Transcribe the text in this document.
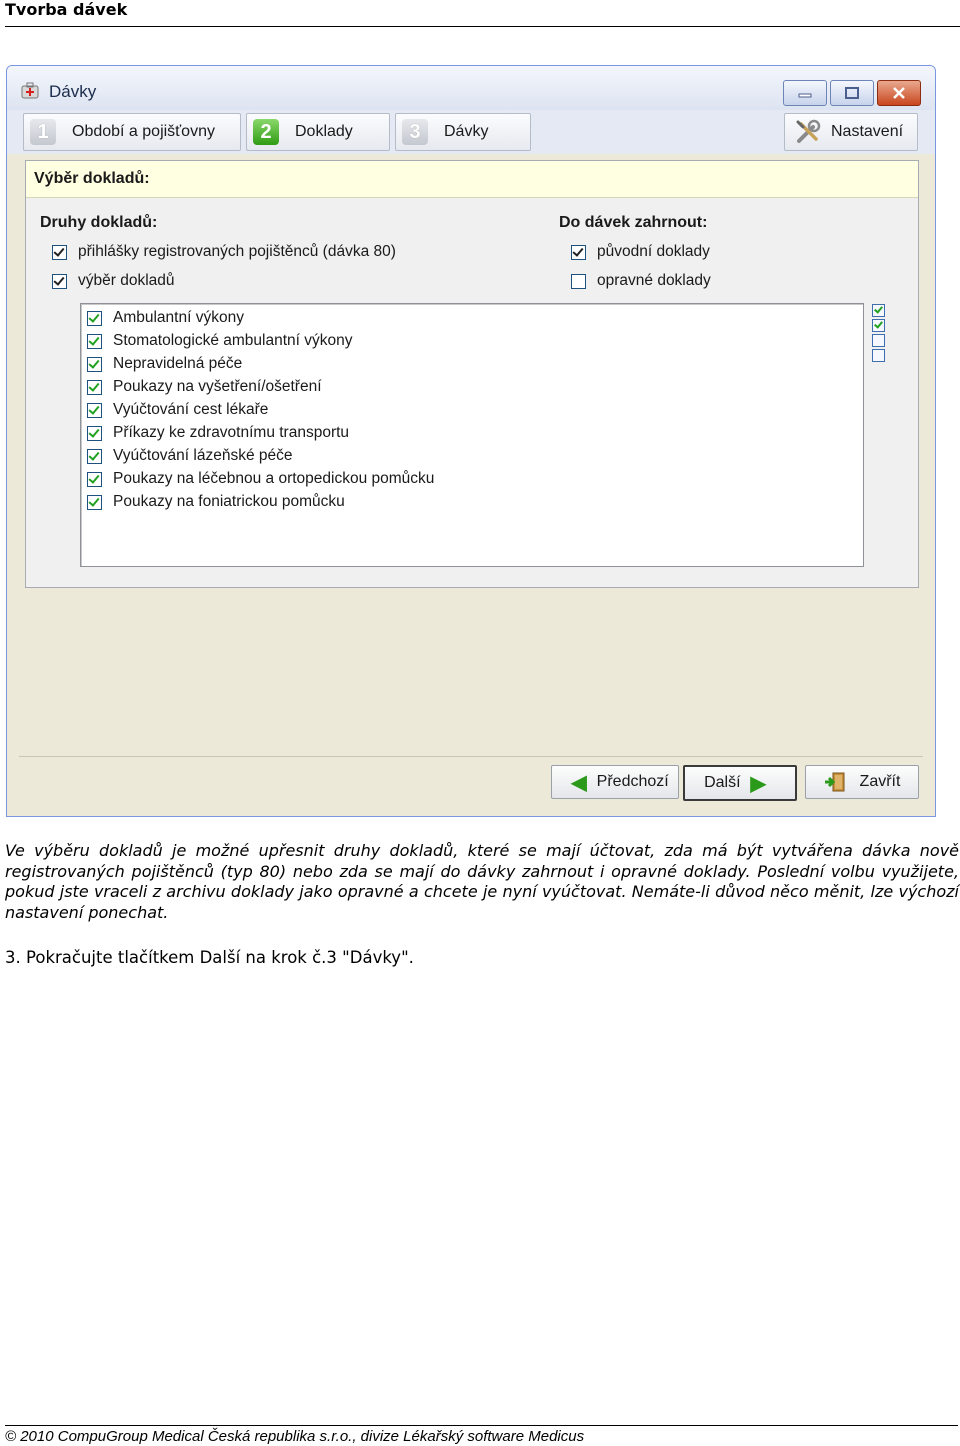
Tvorba dávek
Dávky
1	Období a pojišťovny	2	Doklady	3	Dávky	Nastavení
Výběr dokladů:
Druhy dokladů:
přihlášky registrovaných pojištěnců (dávka 80)
výběr dokladů
Do dávek zahrnout:
původní doklady
opravné doklady
Ambulantní výkony
Stomatologické ambulantní výkony
Nepravidelná péče
Poukazy na vyšetření/ošetření
Vyúčtování cest lékaře
Příkazy ke zdravotnímu transportu
Vyúčtování lázeňské péče
Poukazy na léčebnou a ortopedickou pomůcku
Poukazy na foniatrickou pomůcku
◀ Předchozí Další ▶	Zavřít
Ve výběru dokladů je možné upřesnit druhy dokladů, které se mají účtovat, zda má být vytvářena dávka nově registrovaných pojištěnců (typ 80) nebo zda se mají do dávky zahrnout i opravné doklady. Poslední volbu využijete, pokud jste vraceli z archivu doklady jako opravné a chcete je nyní vyúčtovat. Nemáte-li důvod něco měnit, lze výchozí nastavení ponechat.
3. Pokračujte tlačítkem Další na krok č.3 "Dávky".
© 2010 CompuGroup Medical Česká republika s.r.o., divize Lékařský software Medicus
